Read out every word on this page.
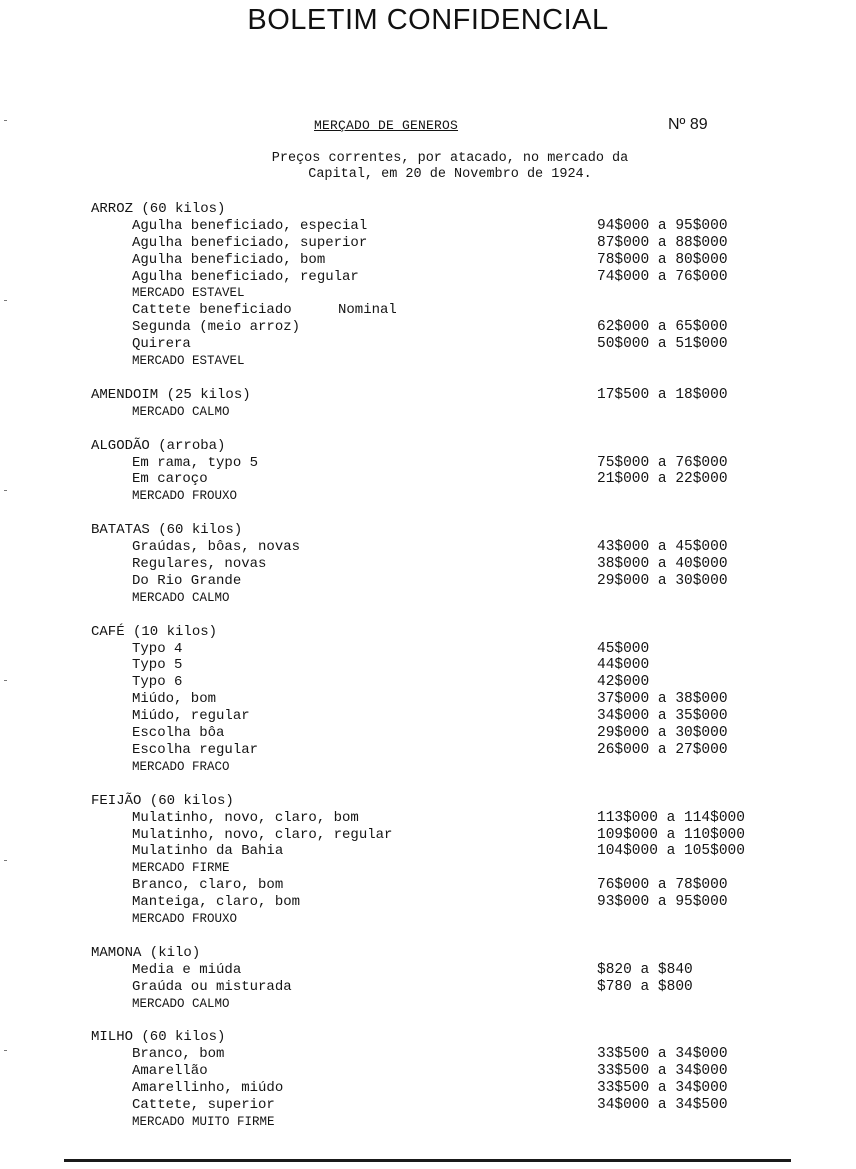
BOLETIM CONFIDENCIAL
MERÇADO DE GENEROS	Nº 89
Preços correntes, por atacado, no mercado da
Capital, em 20 de Novembro de 1924.
ARROZ (60 kilos)
Agulha beneficiado, especial	94$000 a 95$000
Agulha beneficiado, superior	87$000 a 88$000
Agulha beneficiado, bom	78$000 a 80$000
Agulha beneficiado, regular	74$000 a 76$000
MERCADO ESTAVEL
Cattete beneficiado	Nominal
Segunda (meio arroz)	62$000 a 65$000
Quirera	50$000 a 51$000
MERCADO ESTAVEL
AMENDOIM (25 kilos)	17$500 a 18$000
MERCADO CALMO
ALGODÃO (arroba)
Em rama, typo 5	75$000 a 76$000
Em caroço	21$000 a 22$000
MERCADO FROUXO
BATATAS (60 kilos)
Graúdas, bôas, novas	43$000 a 45$000
Regulares, novas	38$000 a 40$000
Do Rio Grande	29$000 a 30$000
MERCADO CALMO
CAFÉ (10 kilos)
Typo 4	45$000
Typo 5	44$000
Typo 6	42$000
Miúdo, bom	37$000 a 38$000
Miúdo, regular	34$000 a 35$000
Escolha bôa	29$000 a 30$000
Escolha regular	26$000 a 27$000
MERCADO FRACO
FEIJÃO (60 kilos)
Mulatinho, novo, claro, bom	113$000 a 114$000
Mulatinho, novo, claro, regular	109$000 a 110$000
Mulatinho da Bahia	104$000 a 105$000
MERCADO FIRME
Branco, claro, bom	76$000 a 78$000
Manteiga, claro, bom	93$000 a 95$000
MERCADO FROUXO
MAMONA (kilo)
Media e miúda	$820 a $840
Graúda ou misturada	$780 a $800
MERCADO CALMO
MILHO (60 kilos)
Branco, bom	33$500 a 34$000
Amarellão	33$500 a 34$000
Amarellinho, miúdo	33$500 a 34$000
Cattete, superior	34$000 a 34$500
MERCADO MUITO FIRME
